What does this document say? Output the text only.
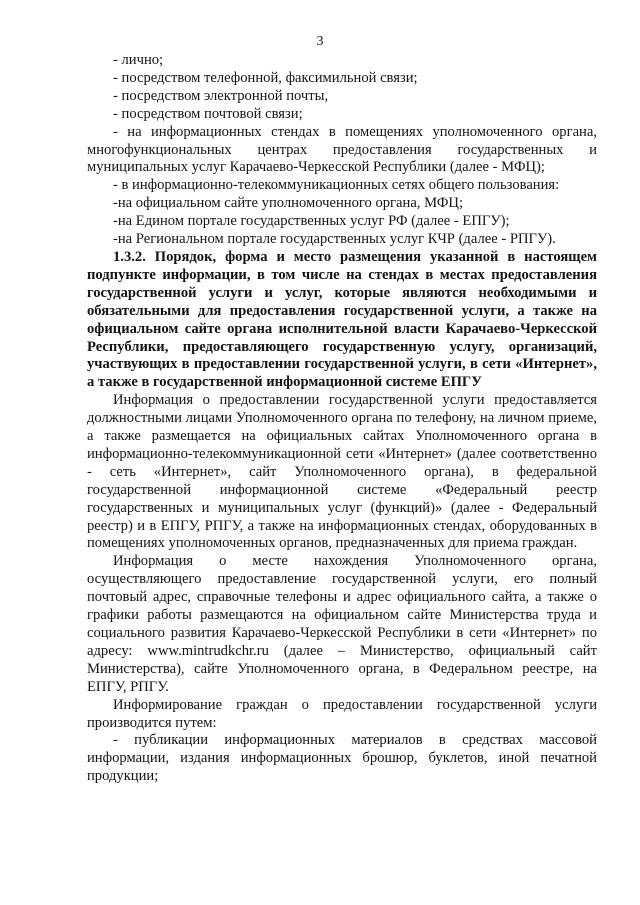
3

- лично;

- посредством телефонной, факсимильной связи;

- посредством электронной почты,

- посредством почтовой связи;

- на информационных стендах в помещениях уполномоченного органа, многофункциональных центрах предоставления государственных и муниципальных услуг Карачаево-Черкесской Республики (далее - МФЦ);

- в информационно-телекоммуникационных сетях общего пользования:

-на официальном сайте уполномоченного органа, МФЦ;

-на Едином портале государственных услуг РФ (далее - ЕПГУ);

-на Региональном портале государственных услуг КЧР (далее - РПГУ).

1.3.2. Порядок, форма и место размещения указанной в настоящем подпункте информации, в том числе на стендах в местах предоставления государственной услуги и услуг, которые являются необходимыми и обязательными для предоставления государственной услуги, а также на официальном сайте органа исполнительной власти Карачаево-Черкесской Республики, предоставляющего государственную услугу, организаций, участвующих в предоставлении государственной услуги, в сети «Интернет», а также в государственной информационной системе ЕПГУ

Информация о предоставлении государственной услуги предоставляется должностными лицами Уполномоченного органа по телефону, на личном приеме, а также размещается на официальных сайтах Уполномоченного органа в информационно-телекоммуникационной сети «Интернет» (далее соответственно - сеть «Интернет», сайт Уполномоченного органа), в федеральной государственной информационной системе «Федеральный реестр государственных и муниципальных услуг (функций)» (далее - Федеральный реестр) и в ЕПГУ, РПГУ, а также на информационных стендах, оборудованных в помещениях уполномоченных органов, предназначенных для приема граждан.

Информация о месте нахождения Уполномоченного органа, осуществляющего предоставление государственной услуги, его полный почтовый адрес, справочные телефоны и адрес официального сайта, а также о графики работы размещаются на официальном сайте Министерства труда и социального развития Карачаево-Черкесской Республики в сети «Интернет» по адресу: www.mintrudkchr.ru (далее – Министерство, официальный сайт Министерства), сайте Уполномоченного органа, в Федеральном реестре, на ЕПГУ, РПГУ.

Информирование граждан о предоставлении государственной услуги производится путем:

- публикации информационных материалов в средствах массовой информации, издания информационных брошюр, буклетов, иной печатной продукции;
